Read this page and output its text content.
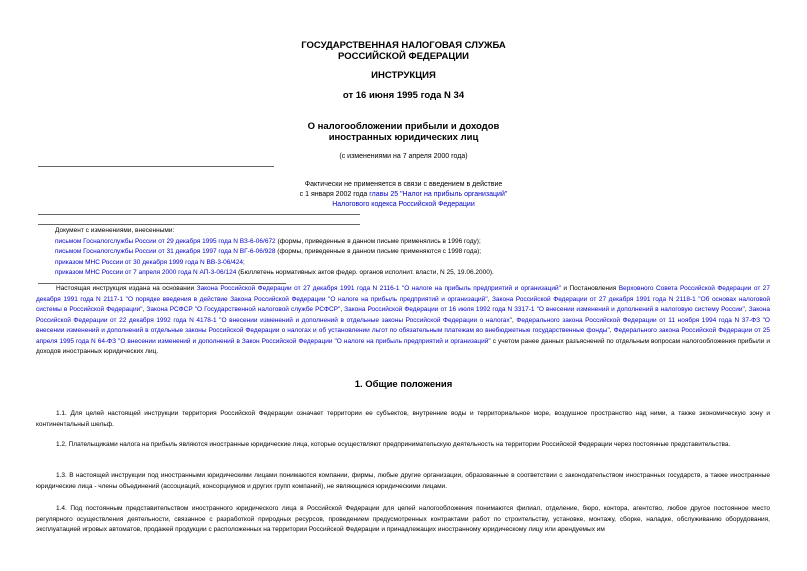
ГОСУДАРСТВЕННАЯ НАЛОГОВАЯ СЛУЖБА
РОССИЙСКОЙ ФЕДЕРАЦИИ
ИНСТРУКЦИЯ
от 16 июня 1995 года N 34
О налогообложении прибыли и доходов
иностранных юридических лиц
(с изменениями на 7 апреля 2000 года)
Фактически не применяется в связи с введением в действие
с 1 января 2002 года главы 25 "Налог на прибыль организаций"
Налогового кодекса Российской Федерации
Документ с изменениями, внесенными:
письмом Госналогслужбы России от 29 декабря 1995 года N ВЗ-6-06/672 (формы, приведенные в данном письме применялись в 1996 году);
письмом Госналогслужбы России от 31 декабря 1997 года N ВГ-6-06/928 (формы, приведенные в данном письме применяются с 1998 года);
приказом МНС России от 30 декабря 1999 года N ВВ-3-06/424;
приказом МНС России от 7 апреля 2000 года N АП-3-06/124 (Бюллетень нормативных актов федер. органов исполнит. власти, N 25, 19.06.2000).
Настоящая инструкция издана на основании Закона Российской Федерации от 27 декабря 1991 года N 2116-1 "О налоге на прибыль предприятий и организаций" и Постановления Верховного Совета Российской Федерации от 27 декабря 1991 года N 2117-1 "О порядке введения в действие Закона Российской Федерации "О налоге на прибыль предприятий и организаций", Закона Российской Федерации от 27 декабря 1991 года N 2118-1 "Об основах налоговой системы в Российской Федерации", Закона РСФСР "О Государственной налоговой службе РСФСР", Закона Российской Федерации от 16 июля 1992 года N 3317-1 "О внесении изменений и дополнений в налоговую систему России", Закона Российской Федерации от 22 декабря 1992 года N 4178-1 "О внесении изменений и дополнений в отдельные законы Российской Федерации о налогах", Федерального закона Российской Федерации от 11 ноября 1994 года N 37-ФЗ "О внесении изменений и дополнений в отдельные законы Российской Федерации о налогах и об установлении льгот по обязательным платежам во внебюджетные государственные фонды", Федерального закона Российской Федерации от 25 апреля 1995 года N 64-ФЗ "О внесении изменений и дополнений в Закон Российской Федерации "О налоге на прибыль предприятий и организаций" с учетом ранее данных разъяснений по отдельным вопросам налогообложения прибыли и доходов иностранных юридических лиц.
1. Общие положения
1.1. Для целей настоящей инструкции территория Российской Федерации означает территории ее субъектов, внутренние воды и территориальное море, воздушное пространство над ними, а также экономическую зону и континентальный шельф.
1.2. Плательщиками налога на прибыль являются иностранные юридические лица, которые осуществляют предпринимательскую деятельность на территории Российской Федерации через постоянные представительства.
1.3. В настоящей инструкции под иностранными юридическими лицами понимаются компании, фирмы, любые другие организации, образованные в соответствии с законодательством иностранных государств, а также иностранные юридические лица - члены объединений (ассоциаций, консорциумов и других групп компаний), не являющиеся юридическими лицами.
1.4. Под постоянным представительством иностранного юридического лица в Российской Федерации для целей налогообложения понимаются филиал, отделение, бюро, контора, агентство, любое другое постоянное место регулярного осуществления деятельности, связанное с разработкой природных ресурсов, проведением предусмотренных контрактами работ по строительству, установке, монтажу, сборке, наладке, обслуживанию оборудования, эксплуатацией игровых автоматов, продажей продукции с расположенных на территории Российской Федерации и принадлежащих иностранному юридическому лицу или арендуемых им
